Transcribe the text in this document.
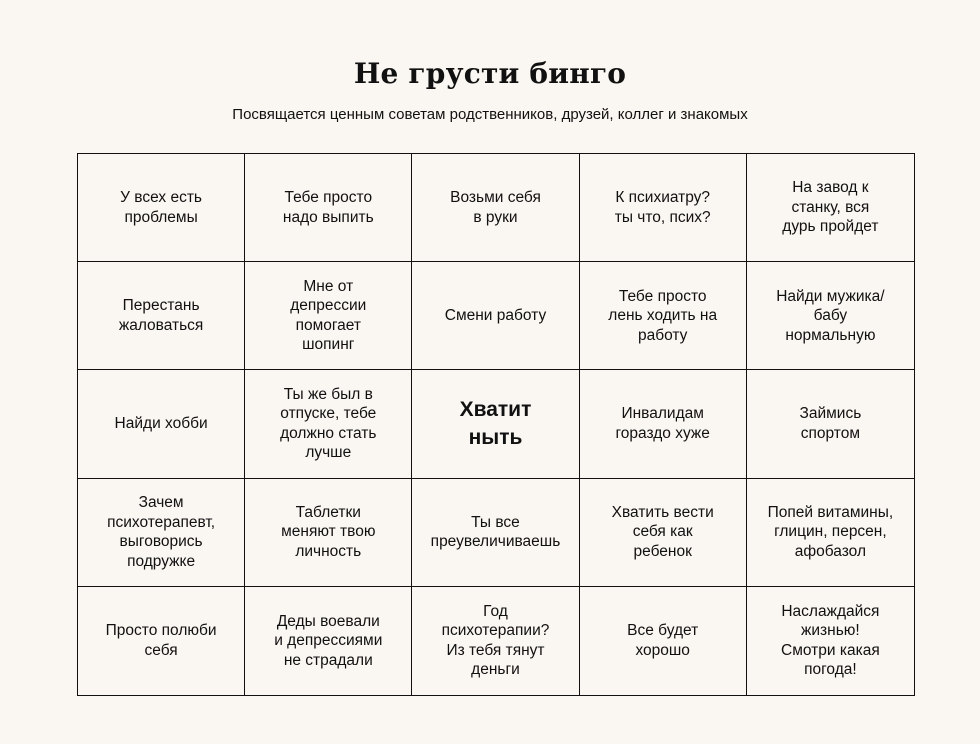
Не грусти бинго
Посвящается ценным советам родственников, друзей, коллег и знакомых
У всех есть
проблемы
Тебе просто
надо выпить
Возьми себя
в руки
К психиатру?
ты что, псих?
На завод к
станку, вся
дурь пройдет
Перестань
жаловаться
Мне от
депрессии
помогает
шопинг
Смени работу
Тебе просто
лень ходить на
работу
Найди мужика/
бабу
нормальную
Найди хобби
Ты же был в
отпуске, тебе
должно стать
лучше
Хватит
ныть
Инвалидам
гораздо хуже
Займись
спортом
Зачем
психотерапевт,
выговорись
подружке
Таблетки
меняют твою
личность
Ты все
преувеличиваешь
Хватить вести
себя как
ребенок
Попей витамины,
глицин, персен,
афобазол
Просто полюби
себя
Деды воевали
и депрессиями
не страдали
Год
психотерапии?
Из тебя тянут
деньги
Все будет
хорошо
Наслаждайся
жизнью!
Смотри какая
погода!
